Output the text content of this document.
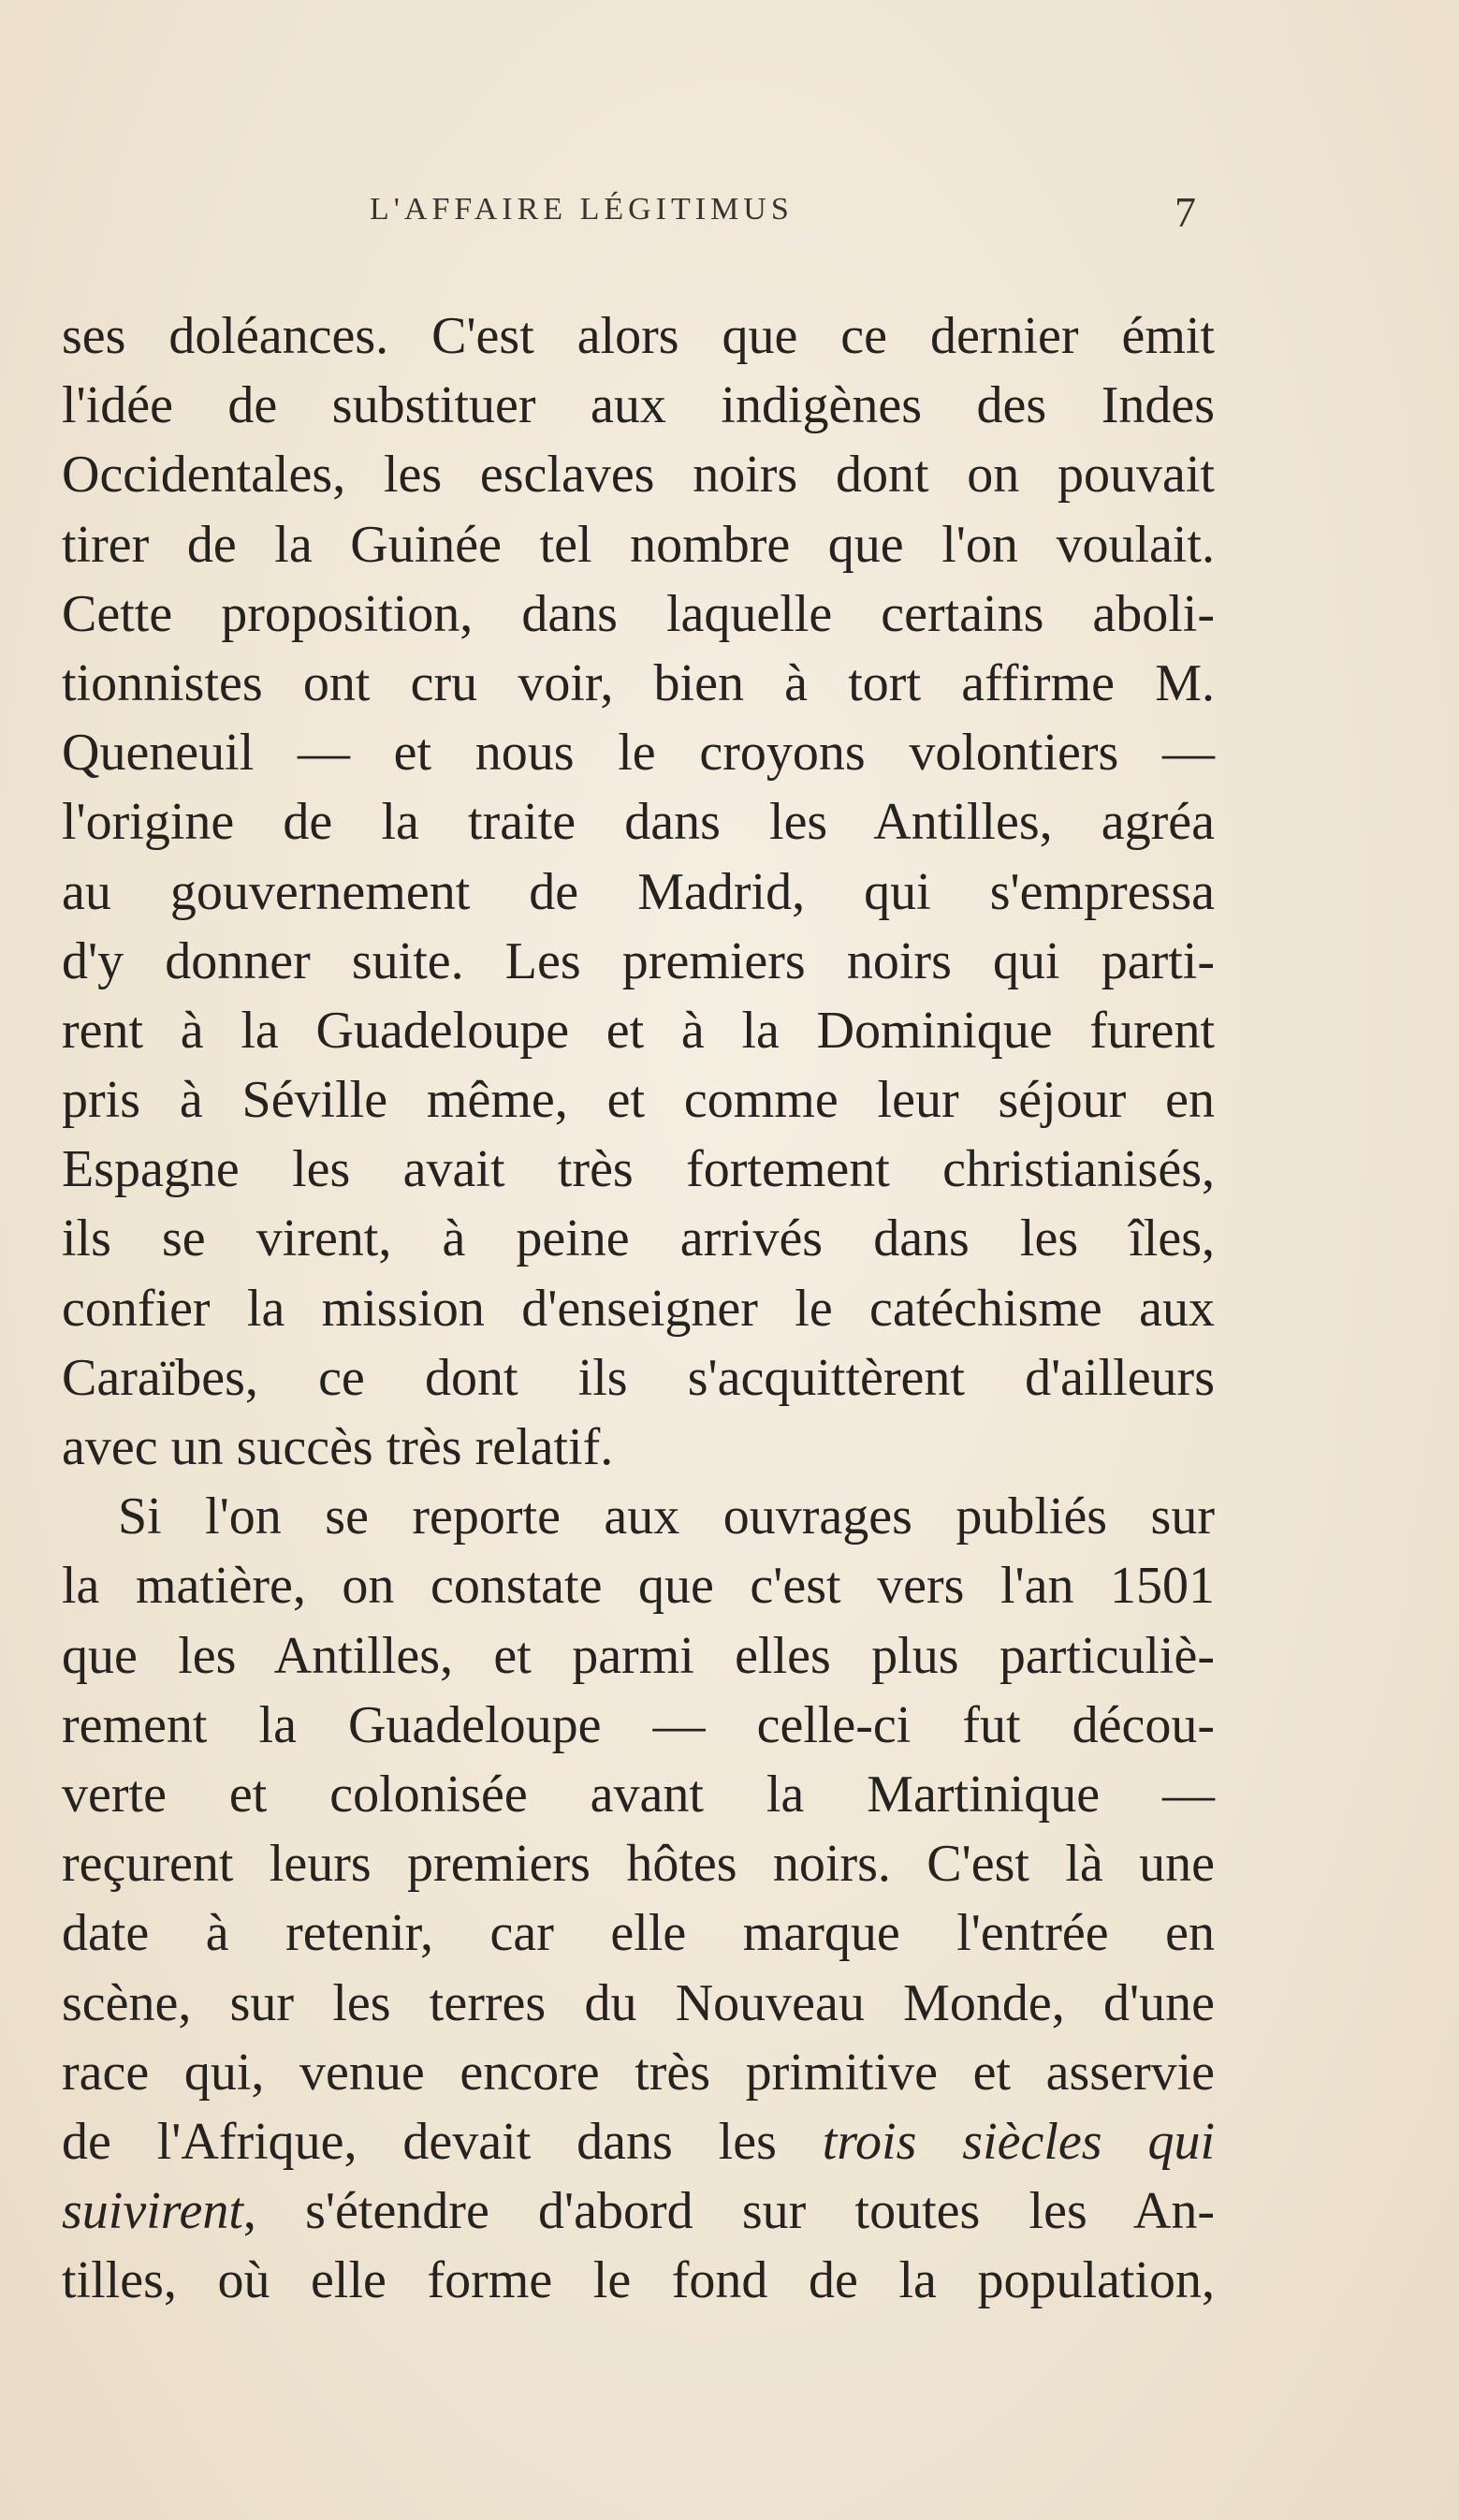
L'AFFAIRE LÉGITIMUS	7
ses doléances. C'est alors que ce dernier émit
l'idée de substituer aux indigènes des Indes
Occidentales, les esclaves noirs dont on pouvait
tirer de la Guinée tel nombre que l'on voulait.
Cette proposition, dans laquelle certains aboli-
tionnistes ont cru voir, bien à tort affirme M.
Queneuil — et nous le croyons volontiers —
l'origine de la traite dans les Antilles, agréa
au gouvernement de Madrid, qui s'empressa
d'y donner suite. Les premiers noirs qui parti-
rent à la Guadeloupe et à la Dominique furent
pris à Séville même, et comme leur séjour en
Espagne les avait très fortement christianisés,
ils se virent, à peine arrivés dans les îles,
confier la mission d'enseigner le catéchisme aux
Caraïbes, ce dont ils s'acquittèrent d'ailleurs
avec un succès très relatif.
Si l'on se reporte aux ouvrages publiés sur
la matière, on constate que c'est vers l'an 1501
que les Antilles, et parmi elles plus particuliè-
rement la Guadeloupe — celle-ci fut décou-
verte et colonisée avant la Martinique —
reçurent leurs premiers hôtes noirs. C'est là une
date à retenir, car elle marque l'entrée en
scène, sur les terres du Nouveau Monde, d'une
race qui, venue encore très primitive et asservie
de l'Afrique, devait dans les trois siècles qui
suivirent, s'étendre d'abord sur toutes les An-
tilles, où elle forme le fond de la population,
